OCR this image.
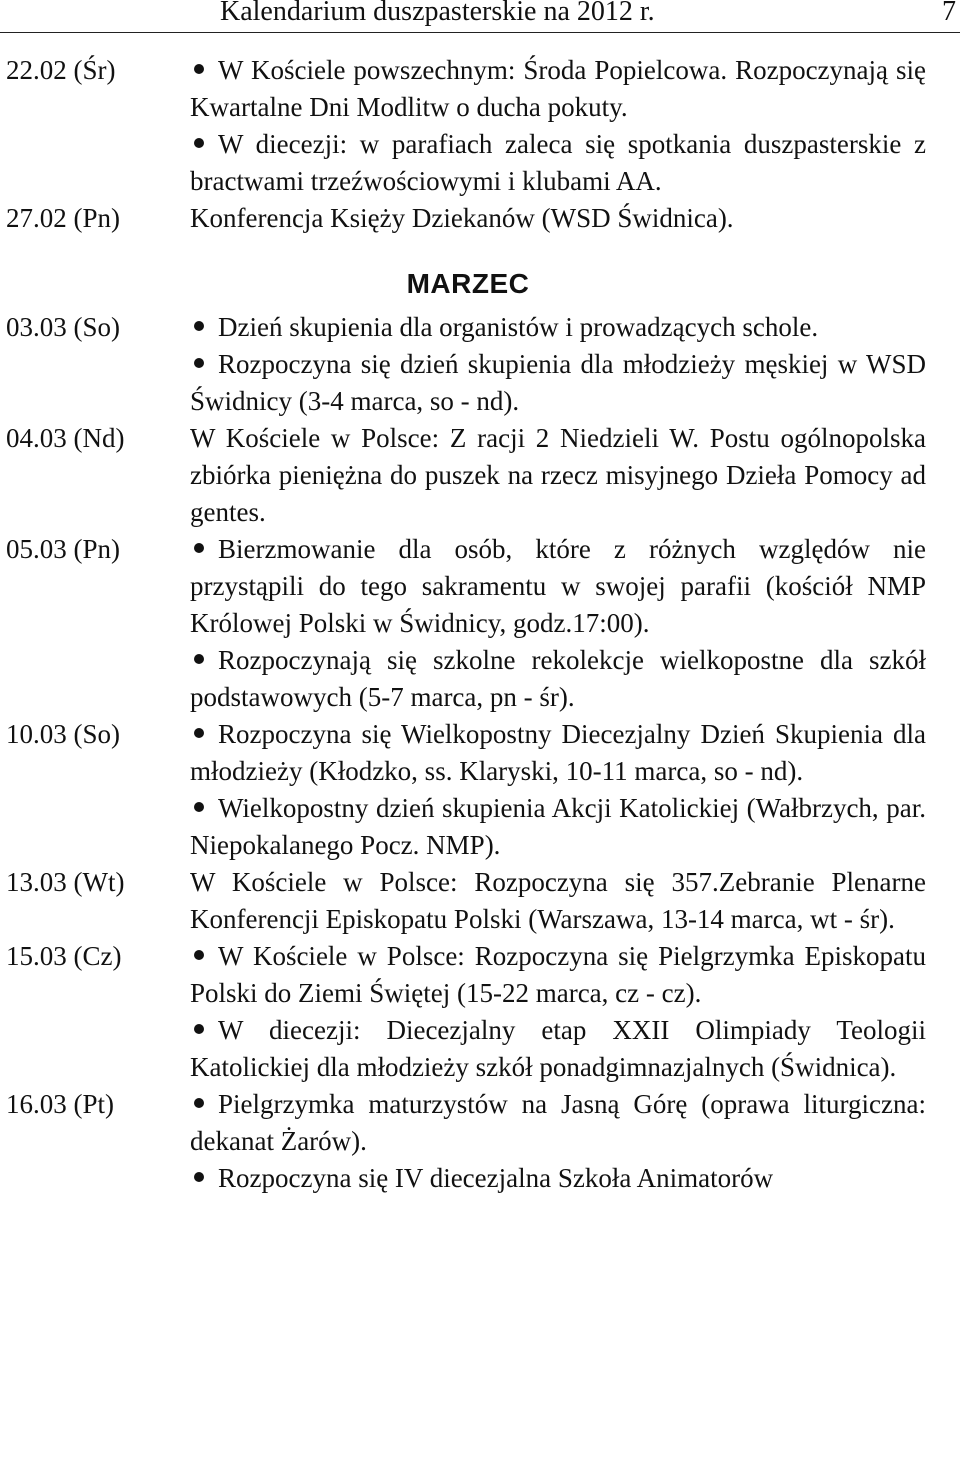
Kalendarium duszpasterskie na 2012 r.	7
22.02 (Śr)	W Kościele powszechnym: Środa Popielcowa. Rozpoczynają się Kwartalne Dni Modlitw o ducha pokuty.
W diecezji: w parafiach zaleca się spotkania duszpasterskie z bractwami trzeźwościowymi i klubami AA.
27.02 (Pn)	Konferencja Księży Dziekanów (WSD Świdnica).
MARZEC
03.03 (So)	Dzień skupienia dla organistów i prowadzących schole.
Rozpoczyna się dzień skupienia dla młodzieży męskiej w WSD Świdnicy (3-4 marca, so - nd).
04.03 (Nd) W Kościele w Polsce: Z racji 2 Niedzieli W. Postu ogólnopolska zbiórka pieniężna do puszek na rzecz misyjnego Dzieła Pomocy ad gentes.
05.03 (Pn)	Bierzmowanie dla osób, które z różnych względów nie przystąpili do tego sakramentu w swojej parafii (kościół NMP Królowej Polski w Świdnicy, godz.17:00).
Rozpoczynają się szkolne rekolekcje wielkopostne dla szkół podstawowych (5-7 marca, pn - śr).
10.03 (So)	Rozpoczyna się Wielkopostny Diecezjalny Dzień Skupienia dla młodzieży (Kłodzko, ss. Klaryski, 10-11 marca, so - nd).
Wielkopostny dzień skupienia Akcji Katolickiej (Wałbrzych, par. Niepokalanego Pocz. NMP).
13.03 (Wt) W Kościele w Polsce: Rozpoczyna się 357.Zebranie Plenarne Konferencji Episkopatu Polski (Warszawa, 13-14 marca, wt - śr).
15.03 (Cz)	W Kościele w Polsce: Rozpoczyna się Pielgrzymka Episkopatu Polski do Ziemi Świętej (15-22 marca, cz - cz).
W diecezji: Diecezjalny etap XXII Olimpiady Teologii Katolickiej dla młodzieży szkół ponadgimnazjalnych (Świdnica).
16.03 (Pt)	Pielgrzymka maturzystów na Jasną Górę (oprawa liturgiczna: dekanat Żarów).
Rozpoczyna się IV diecezjalna Szkoła Animatorów
